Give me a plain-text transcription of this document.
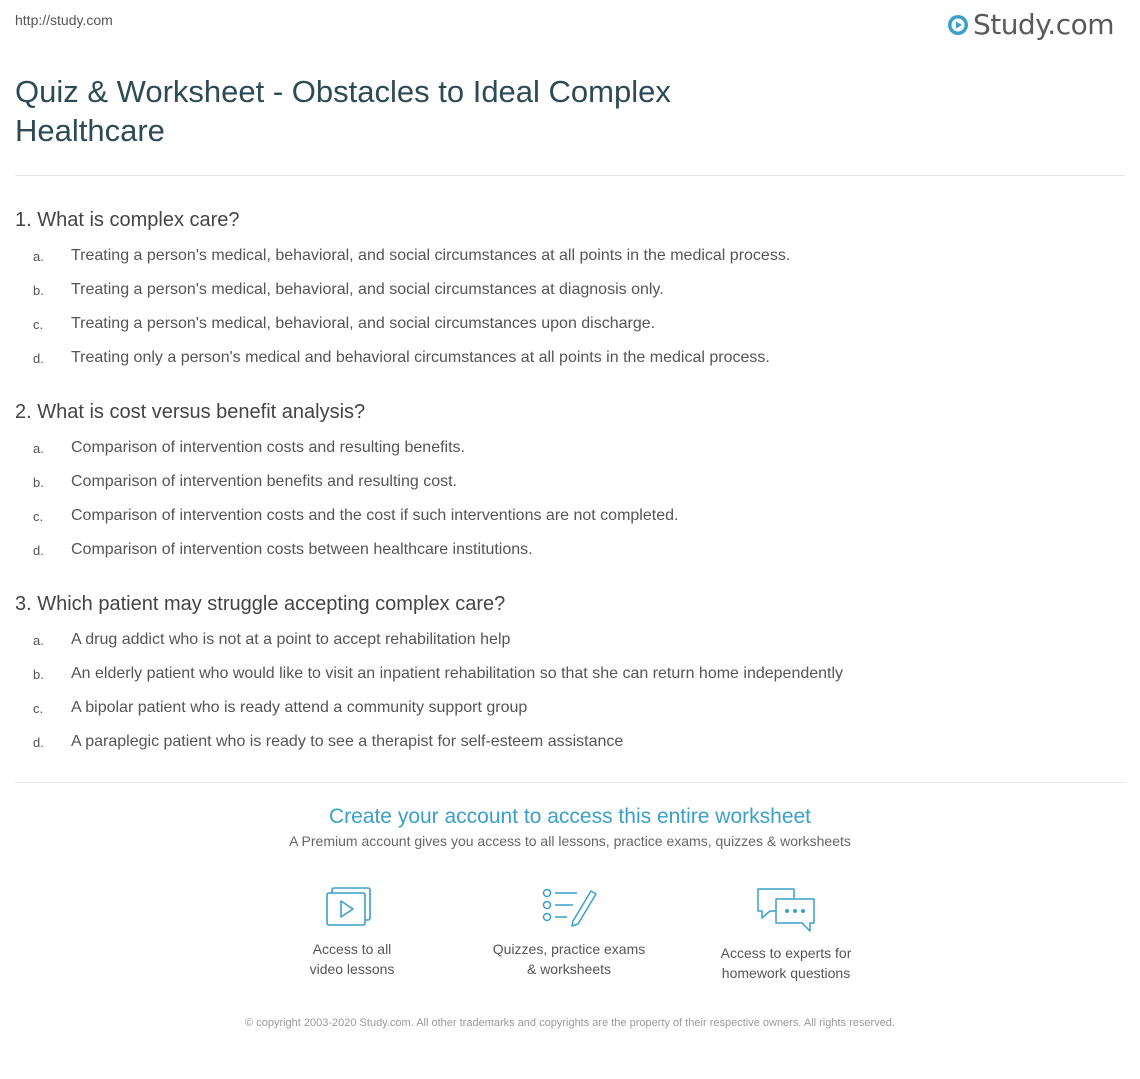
http://study.com	Study.com
Quiz & Worksheet - Obstacles to Ideal Complex Healthcare
1. What is complex care?
a.	Treating a person's medical, behavioral, and social circumstances at all points in the medical process.
b.	Treating a person's medical, behavioral, and social circumstances at diagnosis only.
c.	Treating a person's medical, behavioral, and social circumstances upon discharge.
d.	Treating only a person's medical and behavioral circumstances at all points in the medical process.
2. What is cost versus benefit analysis?
a.	Comparison of intervention costs and resulting benefits.
b.	Comparison of intervention benefits and resulting cost.
c.	Comparison of intervention costs and the cost if such interventions are not completed.
d.	Comparison of intervention costs between healthcare institutions.
3. Which patient may struggle accepting complex care?
a.	A drug addict who is not at a point to accept rehabilitation help
b.	An elderly patient who would like to visit an inpatient rehabilitation so that she can return home independently
c.	A bipolar patient who is ready attend a community support group
d.	A paraplegic patient who is ready to see a therapist for self-esteem assistance

Create your account to access this entire worksheet

A Premium account gives you access to all lessons, practice exams, quizzes & worksheets

Access to all
video lessons
Quizzes, practice exams
& worksheets
Access to experts for
homework questions
© copyright 2003-2020 Study.com. All other trademarks and copyrights are the property of their respective owners. All rights reserved.
